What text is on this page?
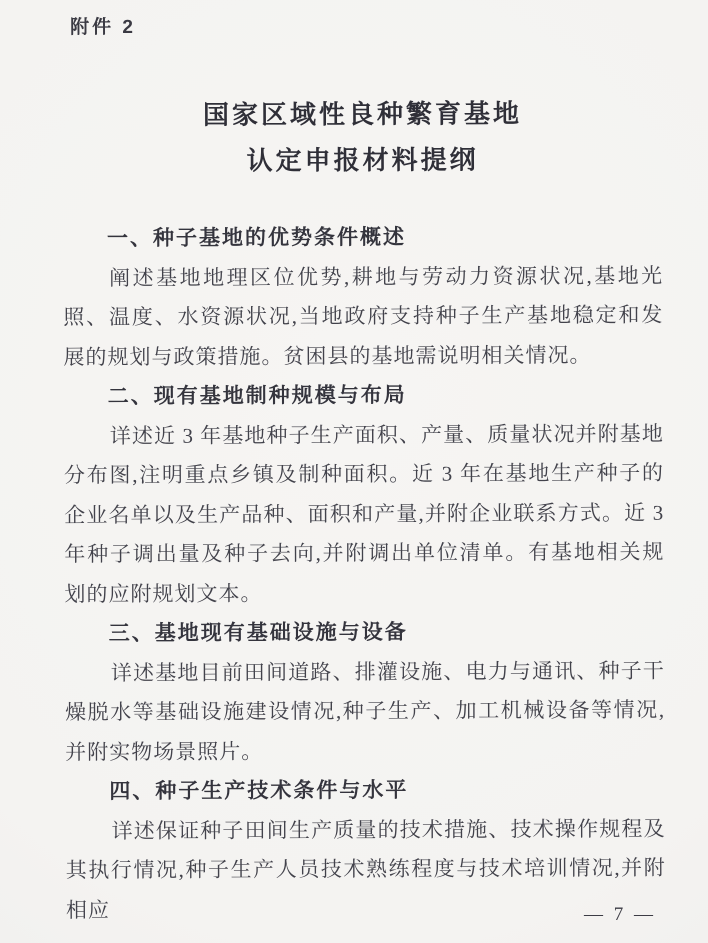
附件 2
国家区域性良种繁育基地
认定申报材料提纲
一、种子基地的优势条件概述

阐述基地地理区位优势,耕地与劳动力资源状况,基地光照、温度、水资源状况,当地政府支持种子生产基地稳定和发展的规划与政策措施。贫困县的基地需说明相关情况。

二、现有基地制种规模与布局

详述近 3 年基地种子生产面积、产量、质量状况并附基地分布图,注明重点乡镇及制种面积。近 3 年在基地生产种子的企业名单以及生产品种、面积和产量,并附企业联系方式。近 3 年种子调出量及种子去向,并附调出单位清单。有基地相关规划的应附规划文本。

三、基地现有基础设施与设备

详述基地目前田间道路、排灌设施、电力与通讯、种子干燥脱水等基础设施建设情况,种子生产、加工机械设备等情况,并附实物场景照片。

四、种子生产技术条件与水平

详述保证种子田间生产质量的技术措施、技术操作规程及其执行情况,种子生产人员技术熟练程度与技术培训情况,并附相应	— 7 —
